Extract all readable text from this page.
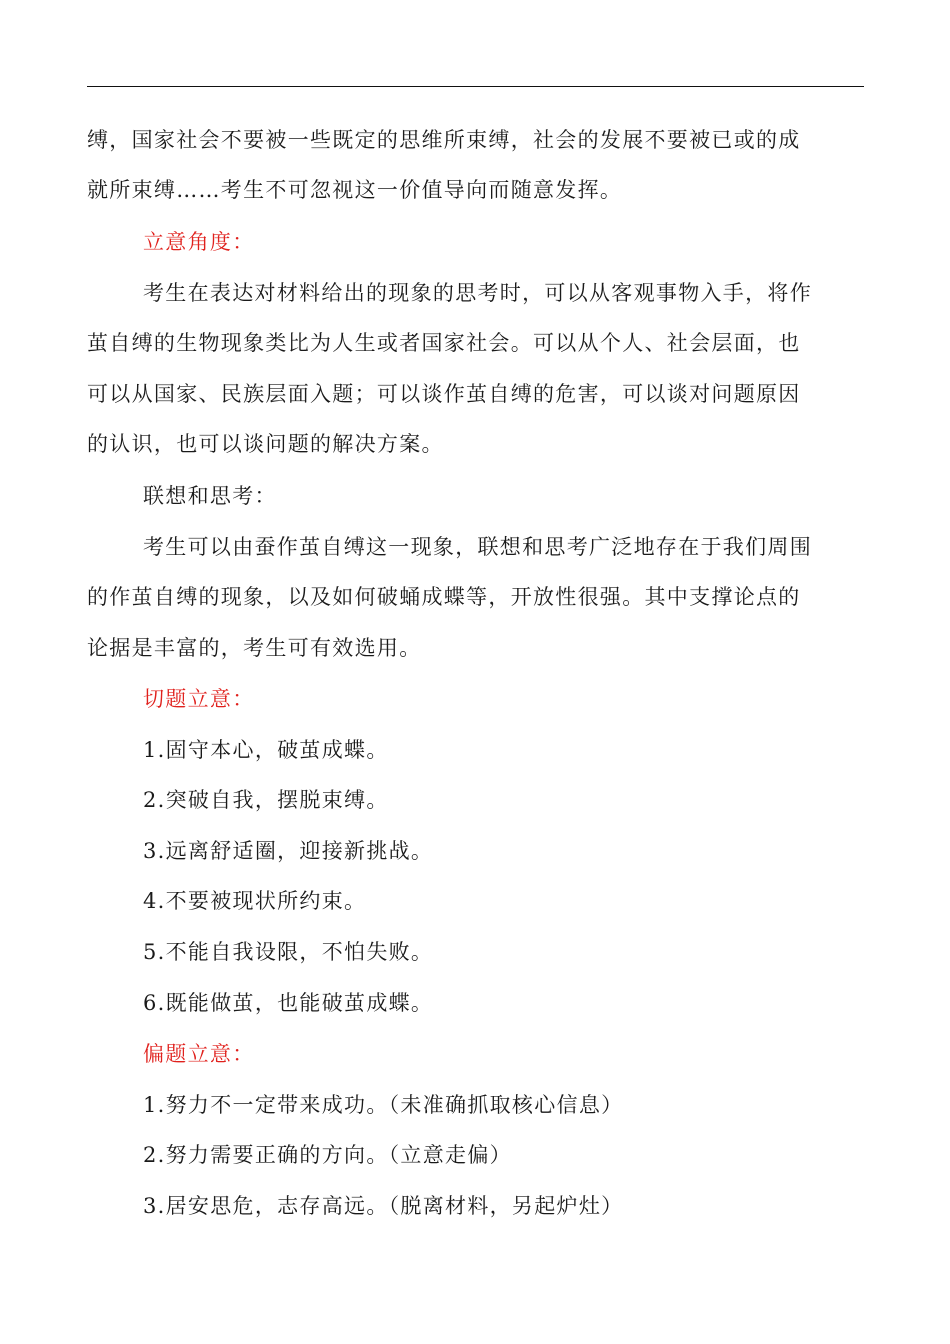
缚，国家社会不要被一些既定的思维所束缚，社会的发展不要被已或的成
就所束缚……考生不可忽视这一价值导向而随意发挥。
立意角度：
考生在表达对材料给出的现象的思考时，可以从客观事物入手，将作
茧自缚的生物现象类比为人生或者国家社会。可以从个人、社会层面，也
可以从国家、民族层面入题；可以谈作茧自缚的危害，可以谈对问题原因
的认识，也可以谈问题的解决方案。
联想和思考：
考生可以由蚕作茧自缚这一现象，联想和思考广泛地存在于我们周围
的作茧自缚的现象，以及如何破蛹成蝶等，开放性很强。其中支撑论点的
论据是丰富的，考生可有效选用。
切题立意：
1.固守本心，破茧成蝶。
2.突破自我，摆脱束缚。
3.远离舒适圈，迎接新挑战。
4.不要被现状所约束。
5.不能自我设限，不怕失败。
6.既能做茧，也能破茧成蝶。
偏题立意：
1.努力不一定带来成功。（未准确抓取核心信息）
2.努力需要正确的方向。（立意走偏）
3.居安思危，志存高远。（脱离材料，另起炉灶）
